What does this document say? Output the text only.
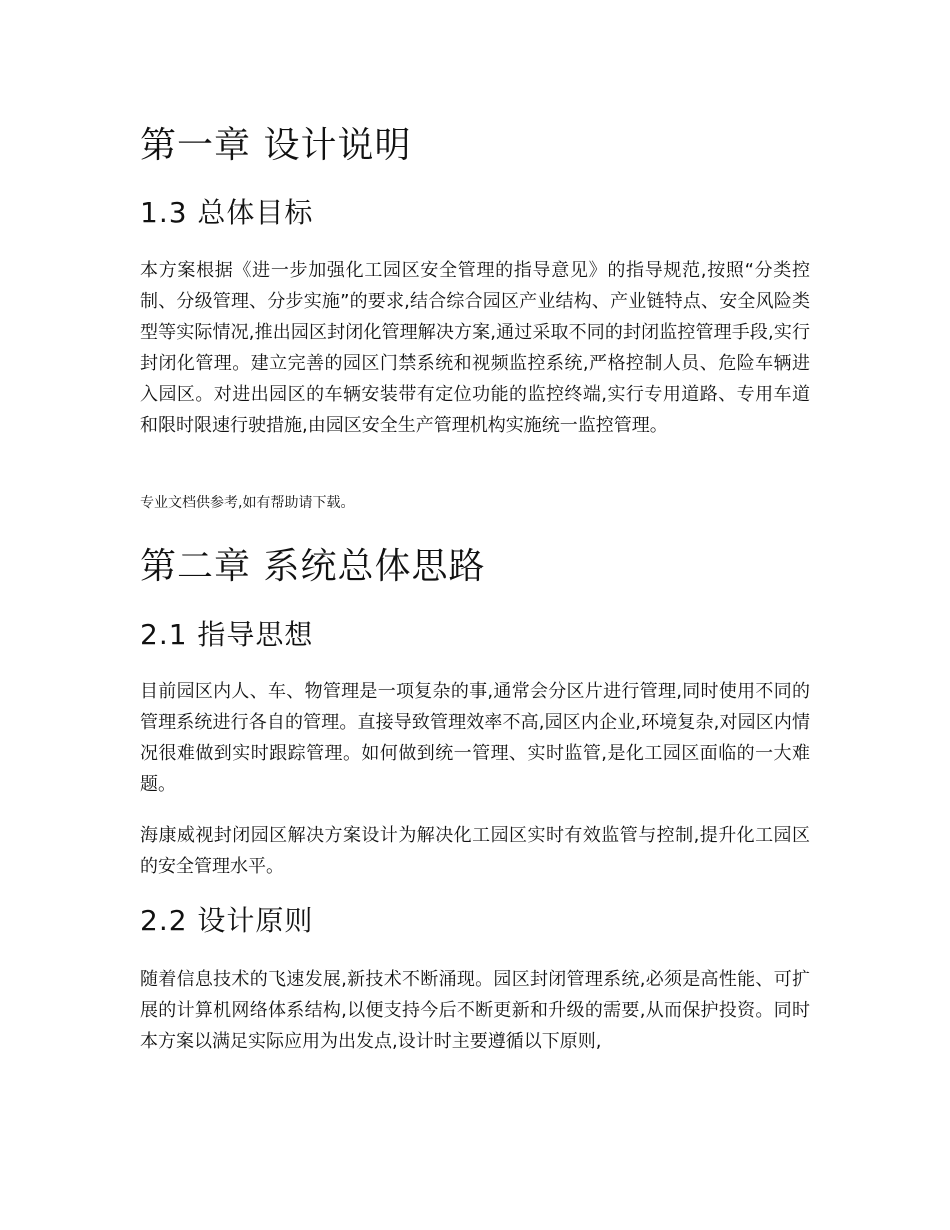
第一章 设计说明
1.3 总体目标

本方案根据《进一步加强化工园区安全管理的指导意见》的指导规范,按照“分类控制、分级管理、分步实施”的要求,结合综合园区产业结构、产业链特点、安全风险类型等实际情况,推出园区封闭化管理解决方案,通过采取不同的封闭监控管理手段,实行封闭化管理。建立完善的园区门禁系统和视频监控系统,严格控制人员、危险车辆进入园区。对进出园区的车辆安装带有定位功能的监控终端,实行专用道路、专用车道和限时限速行驶措施,由园区安全生产管理机构实施统一监控管理。

专业文档供参考,如有帮助请下载。

第二章 系统总体思路
2.1 指导思想

目前园区内人、车、物管理是一项复杂的事,通常会分区片进行管理,同时使用不同的管理系统进行各自的管理。直接导致管理效率不高,园区内企业,环境复杂,对园区内情况很难做到实时跟踪管理。如何做到统一管理、实时监管,是化工园区面临的一大难题。

海康威视封闭园区解决方案设计为解决化工园区实时有效监管与控制,提升化工园区的安全管理水平。

2.2 设计原则

随着信息技术的飞速发展,新技术不断涌现。园区封闭管理系统,必须是高性能、可扩展的计算机网络体系结构,以便支持今后不断更新和升级的需要,从而保护投资。同时本方案以满足实际应用为出发点,设计时主要遵循以下原则,
